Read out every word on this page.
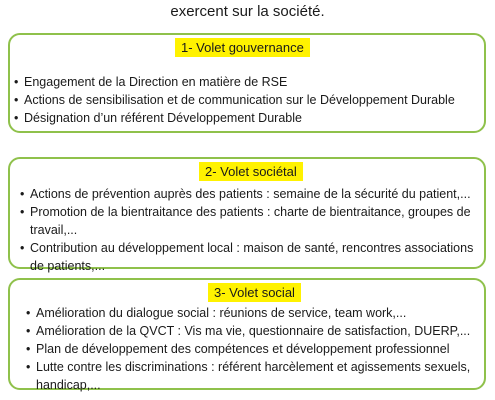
exercent sur la société.
1- Volet gouvernance
• Engagement de la Direction en matière de RSE
• Actions de sensibilisation et de communication sur le Développement Durable
• Désignation d’un référent Développement Durable
2- Volet sociétal
• Actions de prévention auprès des patients : semaine de la sécurité du patient,...
• Promotion de la bientraitance des patients : charte de bientraitance, groupes de travail,...
• Contribution au développement local : maison de santé, rencontres associations de patients,...
3- Volet social
• Amélioration du dialogue social : réunions de service, team work,...
• Amélioration de la QVCT : Vis ma vie, questionnaire de satisfaction, DUERP,...
• Plan de développement des compétences et développement professionnel
• Lutte contre les discriminations : référent harcèlement et agissements sexuels, handicap,...
